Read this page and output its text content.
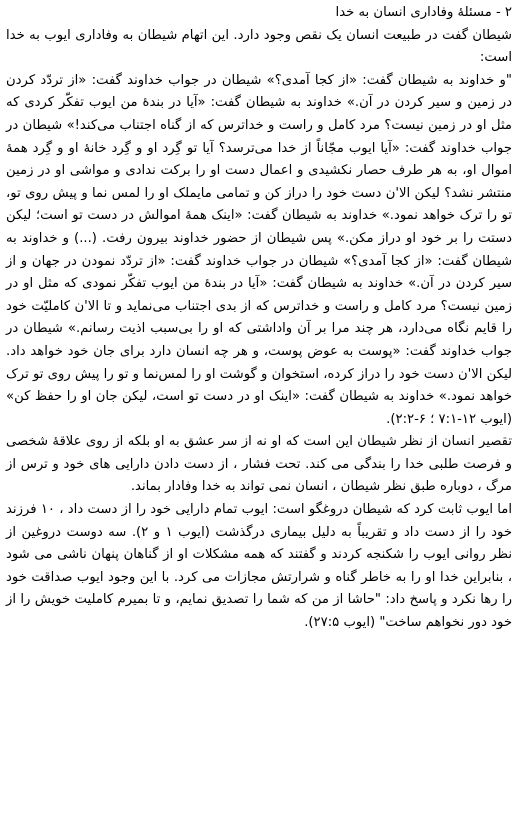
۲ - مسئلهٔ وفاداری انسان به خدا

شیطان گفت در طبیعت انسان یک نقص وجود دارد. این اتهام شیطان به وفاداری ایوب به خدا است:

"و خداوند به شیطان گفت: «از کجا آمدی؟» شیطان در جواب خداوند گفت: «از تردّد کردن در زمین و سیر کردن در آن.» خداوند به شیطان گفت: «آیا در بندهٔ من ایوب تفکّر کردی که مثل او در زمین نیست؟ مرد کامل و راست و خداترس که از گناه اجتناب می‌کند!» شیطان در جواب خداوند گفت: «آیا ایوب مجّاناً از خدا می‌ترسد؟ آیا تو گِرد او و گِرد خانهٔ او و گِرد همهٔ اموال او، به هر طرف حصار نکشیدی و اعمال دست او را برکت ندادی و مواشی او در زمین منتشر نشد؟ لیکن الا'ن دست خود را دراز کن و تمامی مایملک او را لمس نما و پیش روی تو، تو را ترک خواهد نمود.» خداوند به شیطان گفت: «اینک همهٔ اموالش در دست تو است؛ لیکن دستت را بر خود او دراز مکن.» پس شیطان از حضور خداوند بیرون رفت. (...) و خداوند به شیطان گفت: «از کجا آمدی؟» شیطان در جواب خداوند گفت: «از تردّد نمودن در جهان و از سیر کردن در آن.» خداوند به شیطان گفت: «آیا در بندهٔ من ایوب تفکّر نمودی که مثل او در زمین نیست؟ مرد کامل و راست و خداترس که از بدی اجتناب می‌نماید و تا الا'ن کاملیّت خود را قایم نگاه می‌دارد، هر چند مرا بر آن واداشتی که او را بی‌سبب اذیت رسانم.» شیطان در جواب خداوند گفت: «پوست به عوض پوست، و هر چه انسان دارد برای جان خود خواهد داد. لیکن الا'ن دست خود را دراز کرده، استخوان و گوشت او را لمس‌نما و تو را پیش روی تو ترک خواهد نمود.» خداوند به شیطان گفت: «اینک او در دست تو است، لیکن جان او را حفظ کن» (ایوب ۱۲-۷:۱ ؛ ۶-۲:۲).

تقصیر انسان از نظر شیطان این است که او نه از سر عشق به او بلکه از روی علاقهٔ شخصی و فرصت طلبی خدا را بندگی می کند. تحت فشار ، از دست دادن دارایی های خود و ترس از مرگ ، دوباره طبق نظر شیطان ، انسان نمی تواند به خدا وفادار بماند.

اما ایوب ثابت کرد که شیطان دروغگو است: ایوب تمام دارایی خود را از دست داد ، ۱۰ فرزند خود را از دست داد و تقریباً به دلیل بیماری درگذشت (ایوب ۱ و ۲). سه دوست دروغین از نظر روانی ایوب را شکنجه کردند و گفتند که همه مشکلات او از گناهان پنهان ناشی می شود ، بنابراین خدا او را به خاطر گناه و شرارتش مجازات می کرد. با این وجود ایوب صداقت خود را رها نکرد و پاسخ داد: "حاشا از من که شما را تصدیق نمایم، و تا بمیرم کاملیت خویش را از خود دور نخواهم ساخت" (ایوب ۲۷:۵).
